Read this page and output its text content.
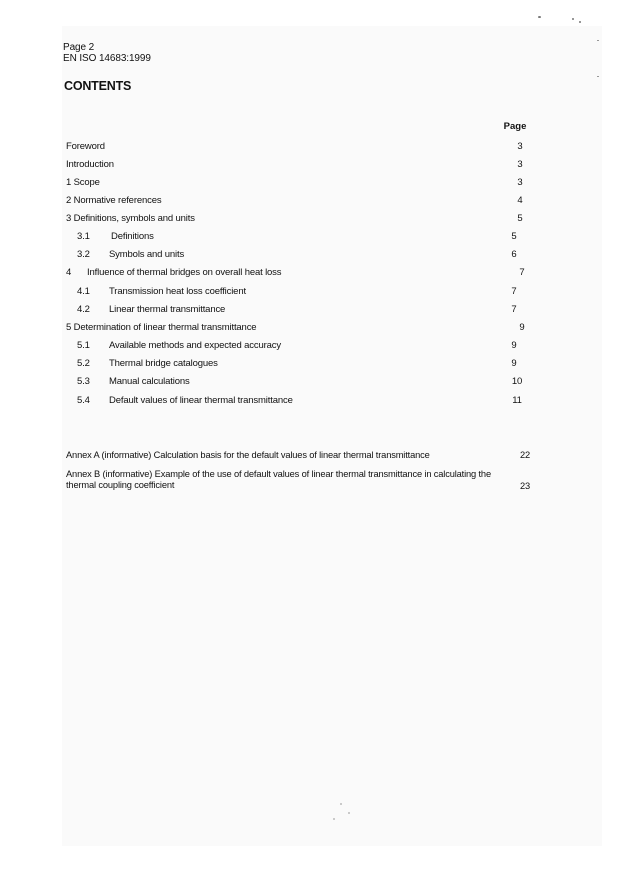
Page 2
EN ISO 14683:1999
CONTENTS
Page
Foreword	3
Introduction	3
1 Scope	3
2 Normative references	4
3 Definitions, symbols and units	5
3.1 Definitions	5
3.2 Symbols and units	6
4 Influence of thermal bridges on overall heat loss	7
4.1 Transmission heat loss coefficient	7
4.2 Linear thermal transmittance	7
5 Determination of linear thermal transmittance	9
5.1 Available methods and expected accuracy	9
5.2 Thermal bridge catalogues	9
5.3 Manual calculations	10
5.4 Default values of linear thermal transmittance	11
Annex A (informative) Calculation basis for the default values of linear thermal transmittance	22
Annex B (informative) Example of the use of default values of linear thermal transmittance in calculating the thermal coupling coefficient	23
